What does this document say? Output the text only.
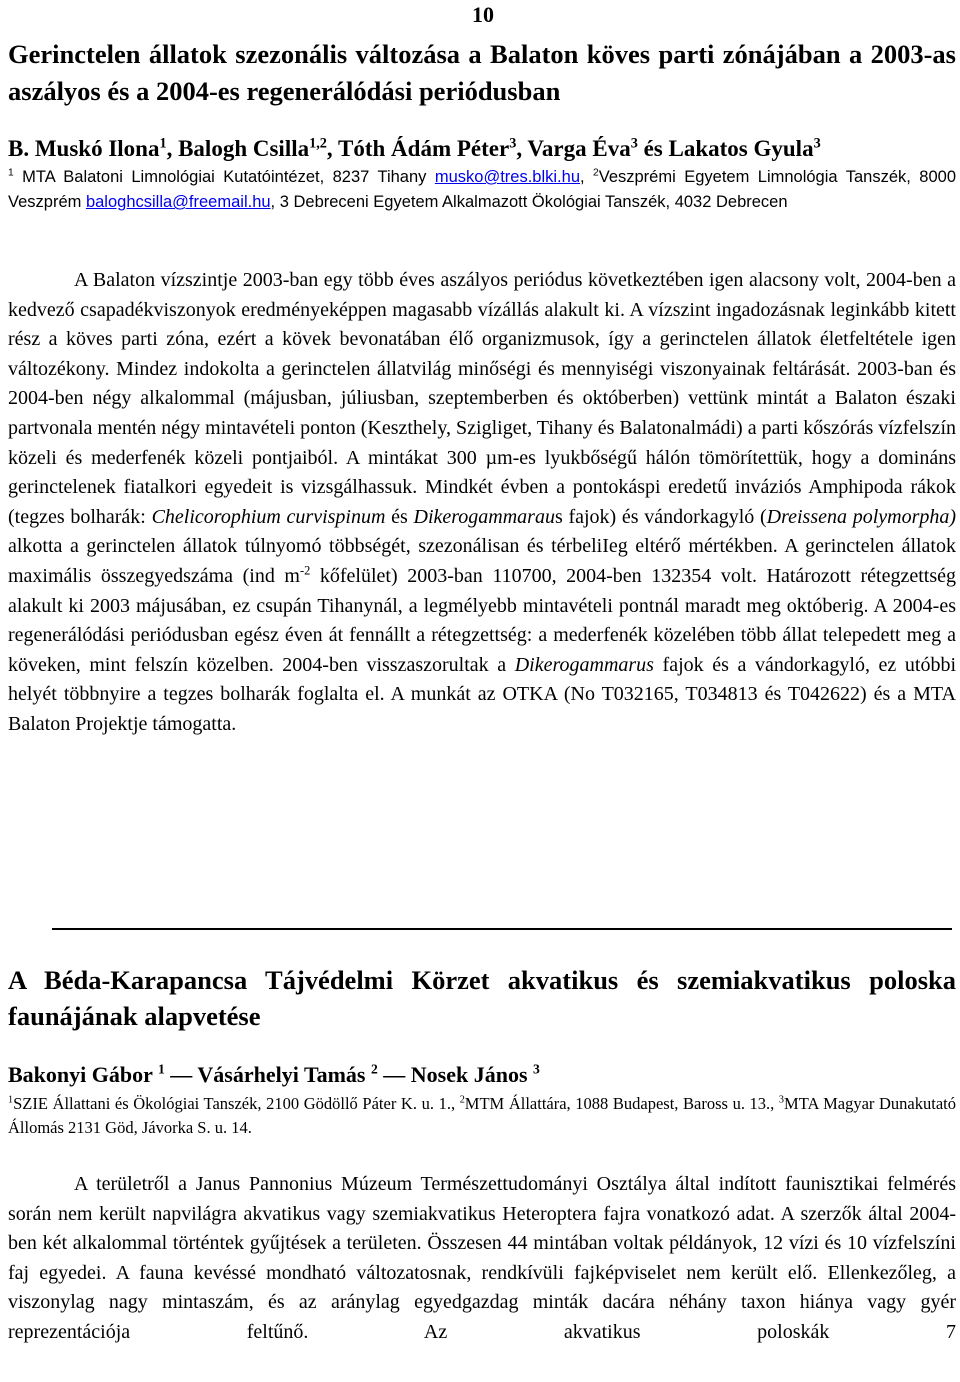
10
Gerinctelen állatok szezonális változása a Balaton köves parti zónájában a 2003-as aszályos és a 2004-es regenerálódási periódusban
B. Muskó Ilona$^1$, Balogh Csilla$^{1,2}$, Tóth Ádám Péter$^3$, Varga Éva$^3$ és Lakatos Gyula$^3$
$^1$ MTA Balatoni Limnológiai Kutatóintézet, 8237 Tihany musko@tres.blki.hu, $^2$Veszprémi Egyetem Limnológia Tanszék, 8000 Veszprém baloghcsilla@freemail.hu, 3 Debreceni Egyetem Alkalmazott Ökológiai Tanszék, 4032 Debrecen
A Balaton vízszintje 2003-ban egy több éves aszályos periódus következtében igen alacsony volt, 2004-ben a kedvező csapadékviszonyok eredményeképpen magasabb vízállás alakult ki. A vízszint ingadozásnak leginkább kitett rész a köves parti zóna, ezért a kövek bevonatában élő organizmusok, így a gerinctelen állatok életfeltétele igen változékony. Mindez indokolta a gerinctelen állatvilág minőségi és mennyiségi viszonyainak feltárását. 2003-ban és 2004-ben négy alkalommal (májusban, júliusban, szeptemberben és októberben) vettünk mintát a Balaton északi partvonala mentén négy mintavételi ponton (Keszthely, Szigliget, Tihany és Balatonalmádi) a parti kőszórás vízfelszín közeli és mederfenék közeli pontjaiból. A mintákat 300 µm-es lyukbőségű hálón tömörítettük, hogy a domináns gerinctelenek fiatalkori egyedeit is vizsgálhassuk. Mindkét évben a pontokáspi eredetű inváziós Amphipoda rákok (tegzes bolharák: Chelicorophium curvispinum és Dikerogammaraus fajok) és vándorkagyló (Dreissena polymorpha) alkotta a gerinctelen állatok túlnyomó többségét, szezonálisan és térbeliIeg eltérő mértékben. A gerinctelen állatok maximális összegyedszáma (ind $m^{-2}$ kőfelület) 2003-ban 110700, 2004-ben 132354 volt. Határozott rétegzettség alakult ki 2003 májusában, ez csupán Tihanynál, a legmélyebb mintavételi pontnál maradt meg októberig. A 2004-es regenerálódási periódusban egész éven át fennállt a rétegzettség: a mederfenék közelében több állat telepedett meg a köveken, mint felszín közelben. 2004-ben visszaszorultak a Dikerogammarus fajok és a vándorkagyló, ez utóbbi helyét többnyire a tegzes bolharák foglalta el. A munkát az OTKA (No T032165, T034813 és T042622) és a MTA Balaton Projektje támogatta.
A Béda-Karapancsa Tájvédelmi Körzet akvatikus és szemiakvatikus poloska faunájának alapvetése
Bakonyi Gábor $^1$ — Vásárhelyi Tamás $^2$ — Nosek János $^3$
$^1$SZIE Állattani és Ökológiai Tanszék, 2100 Gödöllő Páter K. u. 1., $^2$MTM Állattára, 1088 Budapest, Baross u. 13., $^3$MTA Magyar Dunakutató Állomás 2131 Göd, Jávorka S. u. 14.
A területről a Janus Pannonius Múzeum Természettudományi Osztálya által indított faunisztikai felmérés során nem került napvilágra akvatikus vagy szemiakvatikus Heteroptera fajra vonatkozó adat. A szerzők által 2004-ben két alkalommal történtek gyűjtések a területen. Összesen 44 mintában voltak példányok, 12 vízi és 10 vízfelszíni faj egyedei. A fauna kevéssé mondható változatosnak, rendkívüli fajképviselet nem került elő. Ellenkezőleg, a viszonylag nagy mintaszám, és az aránylag egyedgazdag minták dacára néhány taxon hiánya vagy gyér reprezentációja feltűnő. Az akvatikus poloskák 7
